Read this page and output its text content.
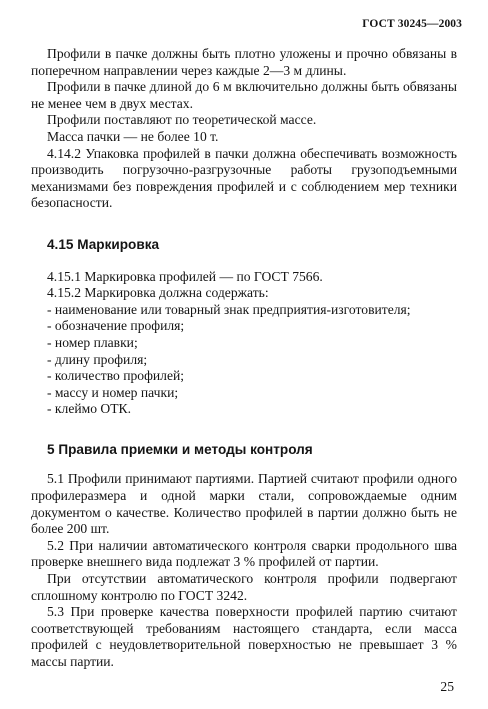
ГОСТ 30245—2003

Профили в пачке должны быть плотно уложены и прочно обвязаны в поперечном направлении через каждые 2—3 м длины.

Профили в пачке длиной до 6 м включительно должны быть обвязаны не менее чем в двух местах.

Профили поставляют по теоретической массе.

Масса пачки — не более 10 т.

4.14.2 Упаковка профилей в пачки должна обеспечивать возможность производить погрузочно-разгрузочные работы грузоподъемными механизмами без повреждения профилей и с соблюдением мер техники безопасности.

4.15 Маркировка

4.15.1 Маркировка профилей — по ГОСТ 7566.

4.15.2 Маркировка должна содержать:

- наименование или товарный знак предприятия-изготовителя;
- обозначение профиля;
- номер плавки;
- длину профиля;
- количество профилей;
- массу и номер пачки;
- клеймо ОТК.
5 Правила приемки и методы контроля

5.1 Профили принимают партиями. Партией считают профили одного профилеразмера и одной марки стали, сопровождаемые одним документом о качестве. Количество профилей в партии должно быть не более 200 шт.

5.2 При наличии автоматического контроля сварки продольного шва проверке внешнего вида подлежат 3 % профилей от партии.

При отсутствии автоматического контроля профили подвергают сплошному контролю по ГОСТ 3242.

5.3 При проверке качества поверхности профилей партию считают соответствующей требованиям настоящего стандарта, если масса профилей с неудовлетворительной поверхностью не превышает 3 % массы партии.

25
